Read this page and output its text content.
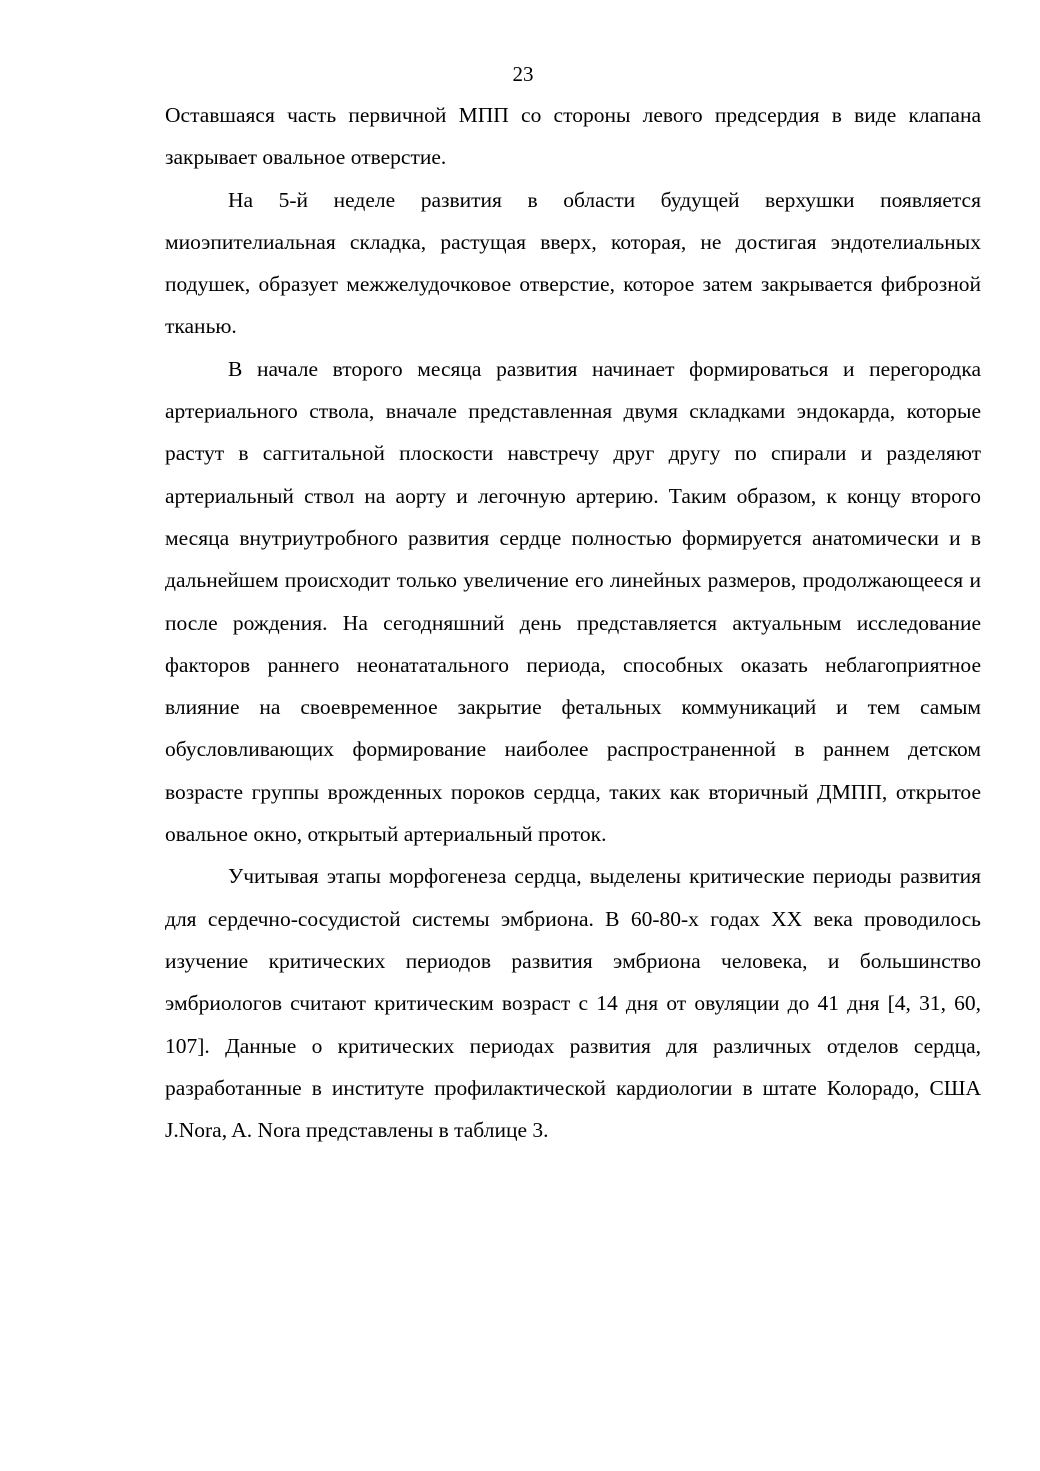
23

Оставшаяся часть первичной МПП со стороны левого предсердия в виде клапана закрывает овальное отверстие.

На 5-й неделе развития в области будущей верхушки появляется миоэпителиальная складка, растущая вверх, которая, не достигая эндотелиальных подушек, образует межжелудочковое отверстие, которое затем закрывается фиброзной тканью.

В начале второго месяца развития начинает формироваться и перегородка артериального ствола, вначале представленная двумя складками эндокарда, которые растут в саггитальной плоскости навстречу друг другу по спирали и разделяют артериальный ствол на аорту и легочную артерию. Таким образом, к концу второго месяца внутриутробного развития сердце полностью формируется анатомически и в дальнейшем происходит только увеличение его линейных размеров, продолжающееся и после рождения. На сегодняшний день представляется актуальным исследование факторов раннего неонататального периода, способных оказать неблагоприятное влияние на своевременное закрытие фетальных коммуникаций и тем самым обусловливающих формирование наиболее распространенной в раннем детском возрасте группы врожденных пороков сердца, таких как вторичный ДМПП, открытое овальное окно, открытый артериальный проток.

Учитывая этапы морфогенеза сердца, выделены критические периоды развития для сердечно-сосудистой системы эмбриона. В 60-80-х годах XX века проводилось изучение критических периодов развития эмбриона человека, и большинство эмбриологов считают критическим возраст с 14 дня от овуляции до 41 дня [4, 31, 60, 107]. Данные о критических периодах развития для различных отделов сердца, разработанные в институте профилактической кардиологии в штате Колорадо, США J.Nora, A. Nora представлены в таблице 3.
